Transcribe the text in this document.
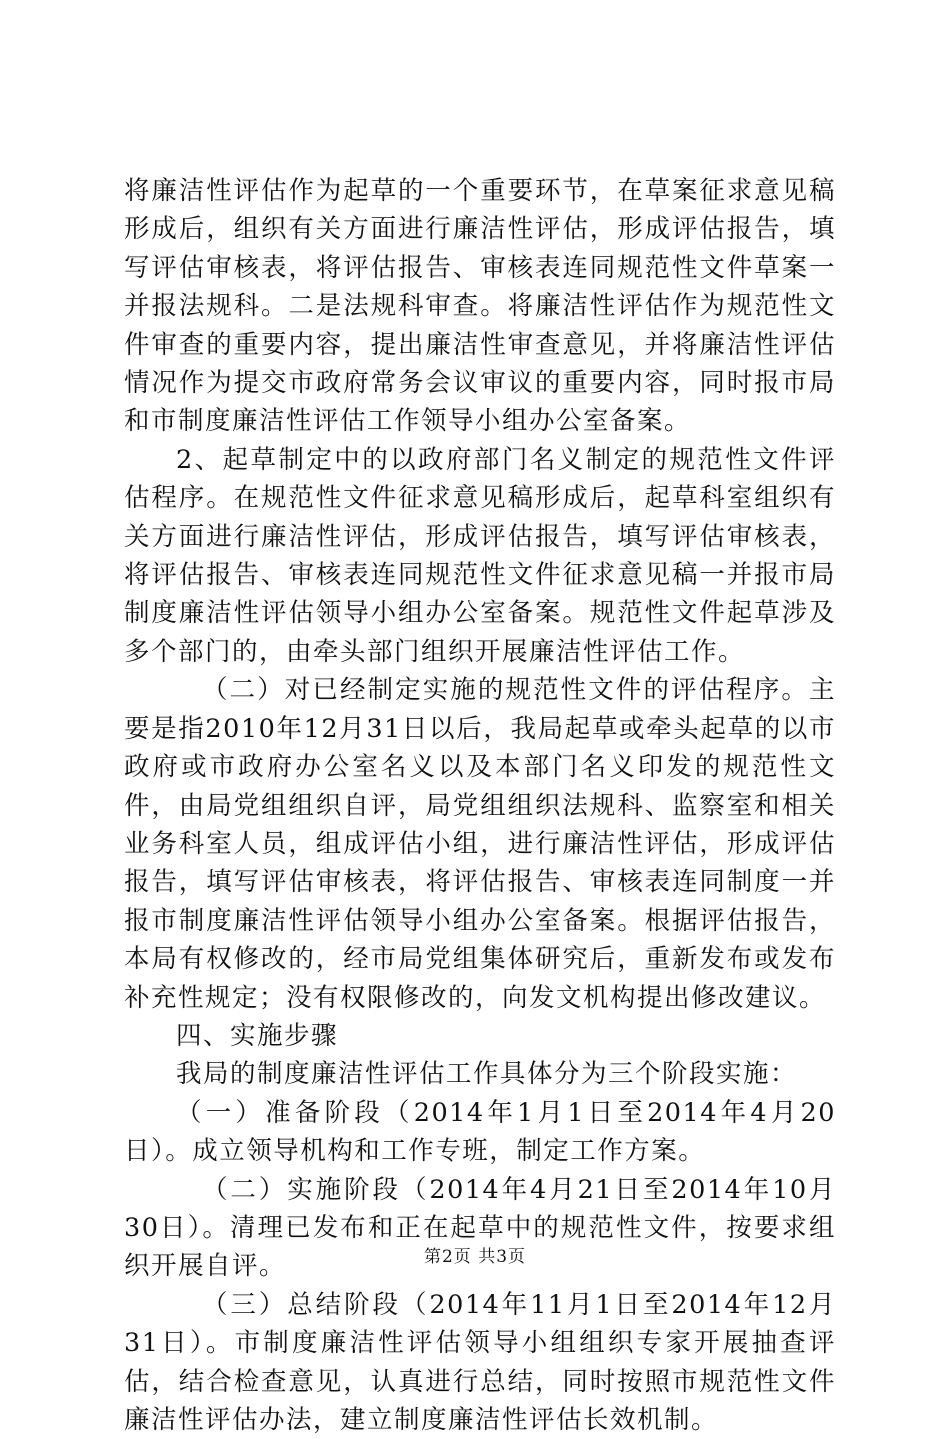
将廉洁性评估作为起草的一个重要环节，在草案征求意见稿形成后，组织有关方面进行廉洁性评估，形成评估报告，填写评估审核表，将评估报告、审核表连同规范性文件草案一并报法规科。二是法规科审查。将廉洁性评估作为规范性文件审查的重要内容，提出廉洁性审查意见，并将廉洁性评估情况作为提交市政府常务会议审议的重要内容，同时报市局和市制度廉洁性评估工作领导小组办公室备案。

2、起草制定中的以政府部门名义制定的规范性文件评估程序。在规范性文件征求意见稿形成后，起草科室组织有关方面进行廉洁性评估，形成评估报告，填写评估审核表，将评估报告、审核表连同规范性文件征求意见稿一并报市局制度廉洁性评估领导小组办公室备案。规范性文件起草涉及多个部门的，由牵头部门组织开展廉洁性评估工作。

（二）对已经制定实施的规范性文件的评估程序。主要是指2010年12月31日以后，我局起草或牵头起草的以市政府或市政府办公室名义以及本部门名义印发的规范性文件，由局党组组织自评，局党组组织法规科、监察室和相关业务科室人员，组成评估小组，进行廉洁性评估，形成评估报告，填写评估审核表，将评估报告、审核表连同制度一并报市制度廉洁性评估领导小组办公室备案。根据评估报告，本局有权修改的，经市局党组集体研究后，重新发布或发布补充性规定；没有权限修改的，向发文机构提出修改建议。

四、实施步骤

我局的制度廉洁性评估工作具体分为三个阶段实施：

（一）准备阶段（2014年1月1日至2014年4月20日）。成立领导机构和工作专班，制定工作方案。

（二）实施阶段（2014年4月21日至2014年10月30日）。清理已发布和正在起草中的规范性文件，按要求组织开展自评。

（三）总结阶段（2014年11月1日至2014年12月31日）。市制度廉洁性评估领导小组组织专家开展抽查评估，结合检查意见，认真进行总结，同时按照市规范性文件廉洁性评估办法，建立制度廉洁性评估长效机制。

第2页 共3页
